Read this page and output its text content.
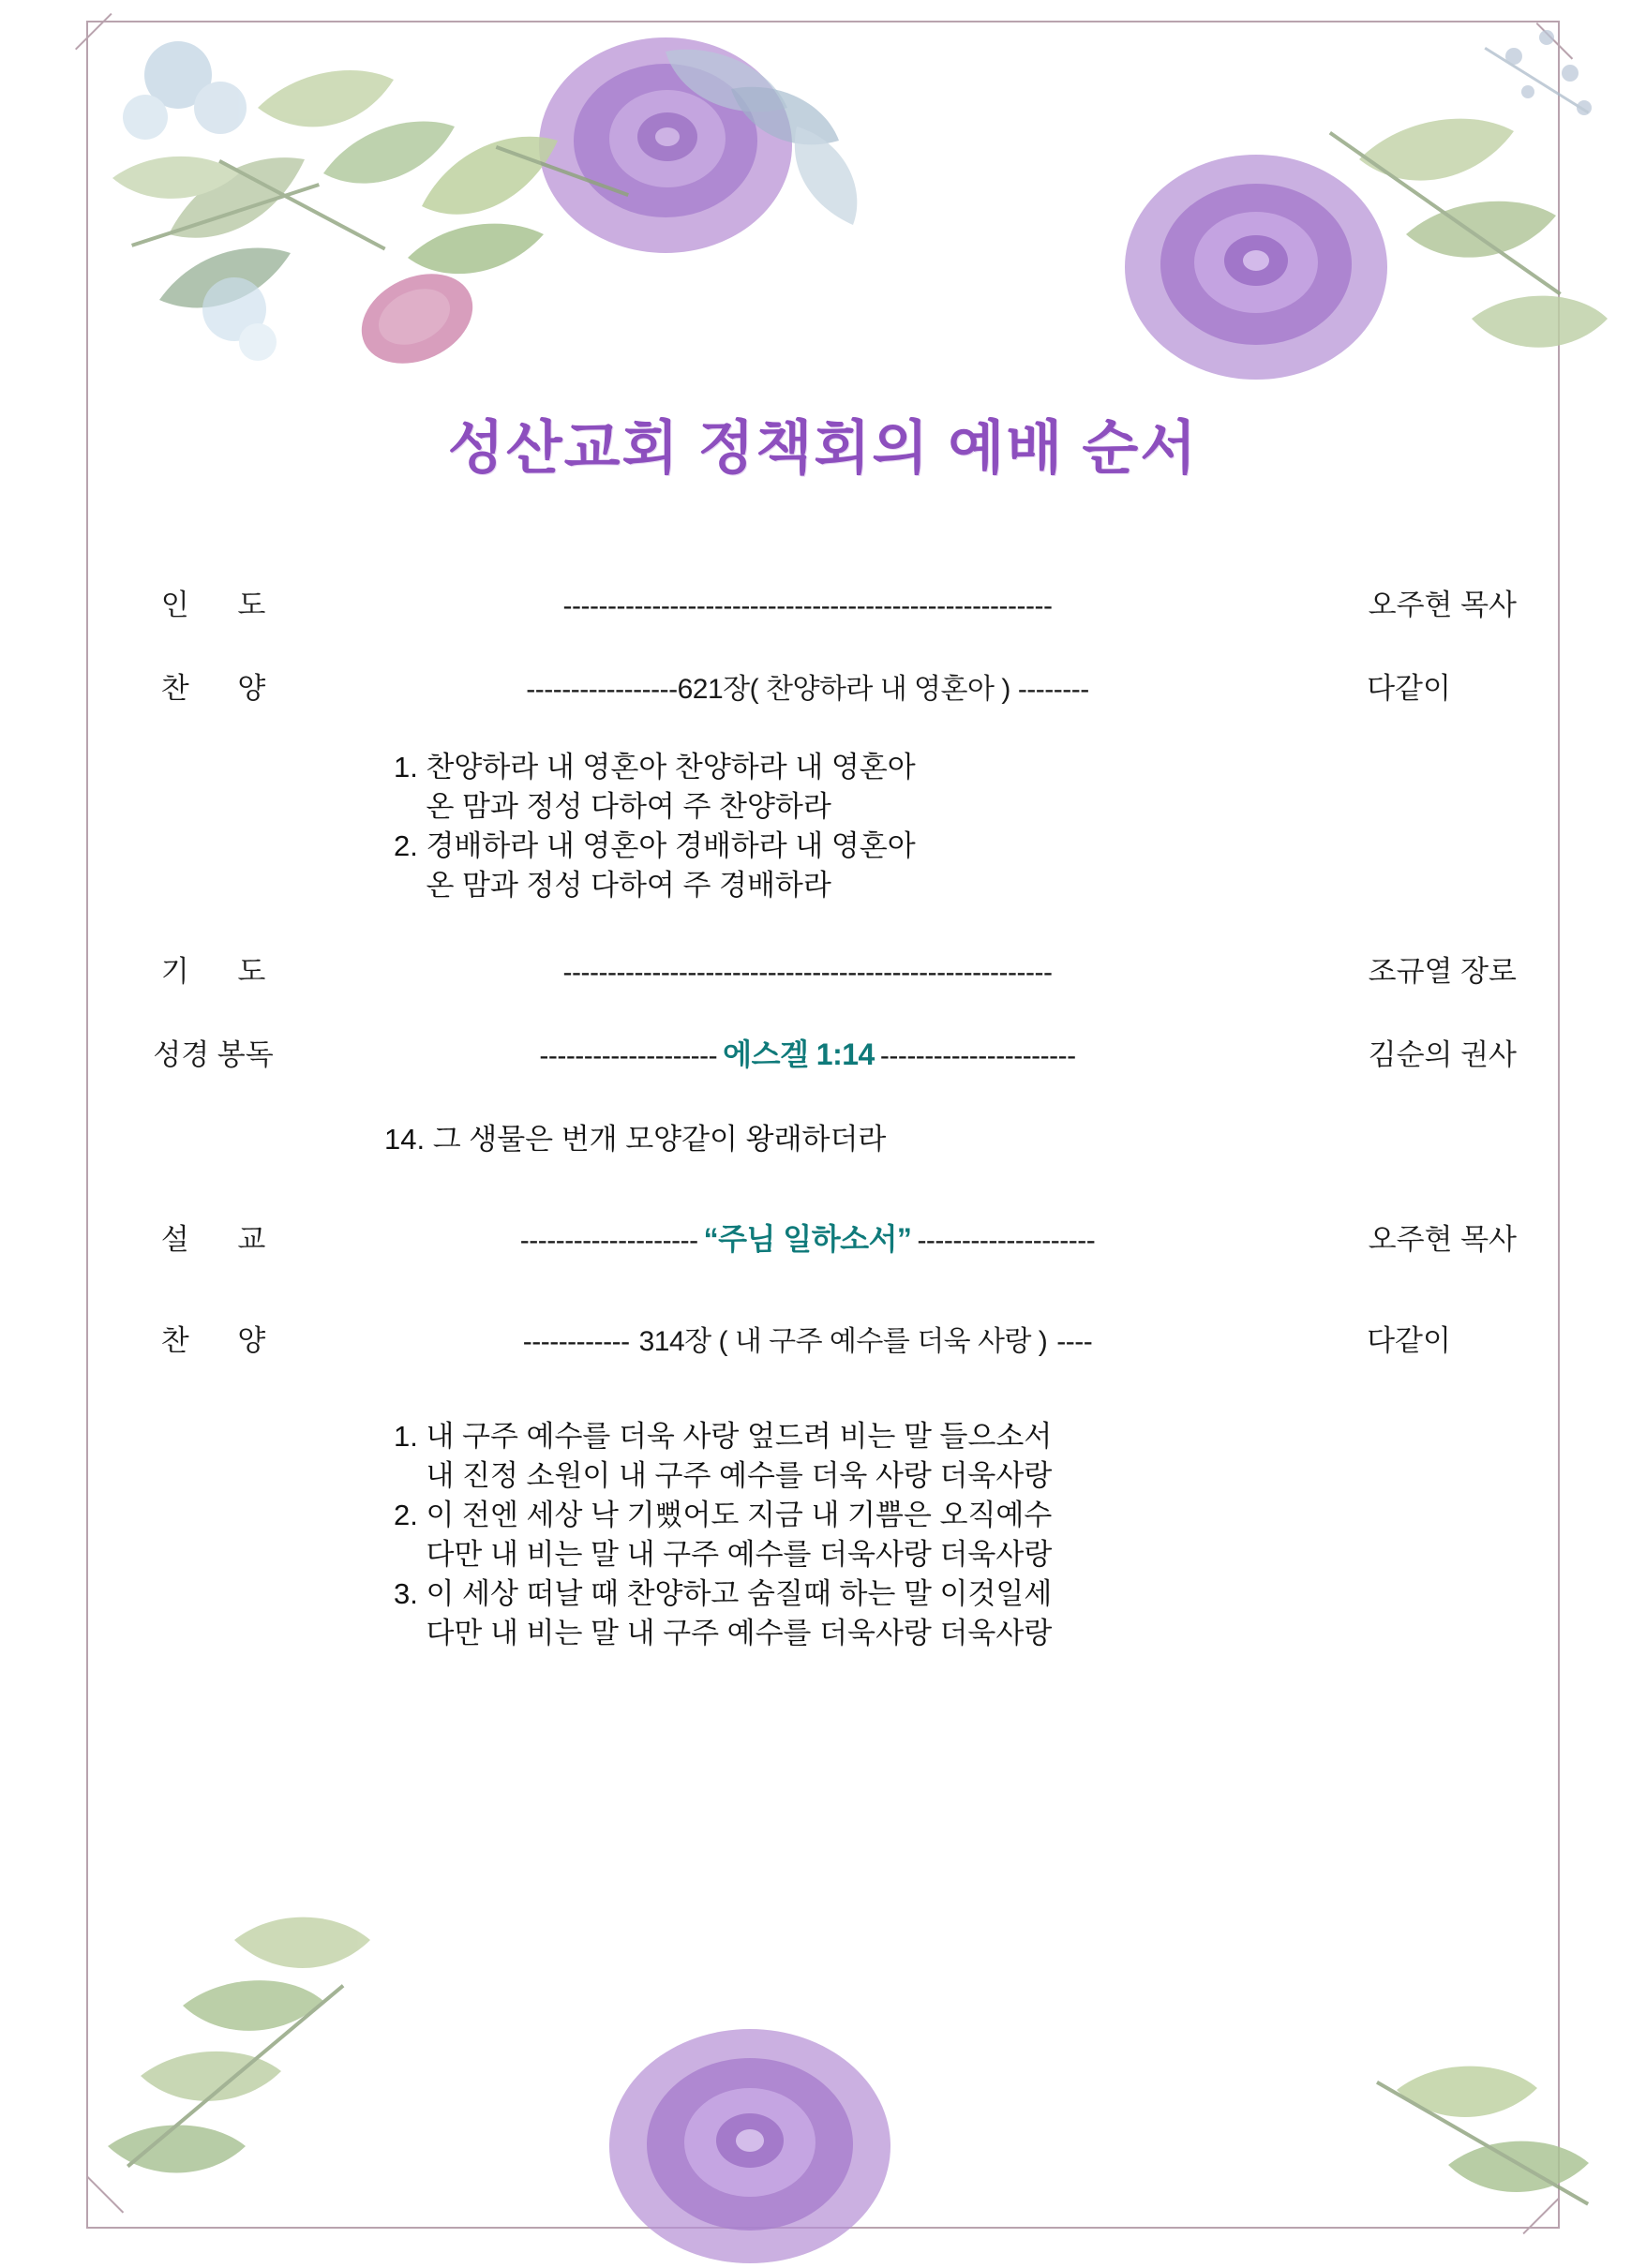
성산교회 정책회의 예배 순서
인      도	-------------------------------------------------------	오주현 목사
찬      양	-----------------621장( 찬양하라 내 영혼아 ) --------	다같이
1. 찬양하라 내 영혼아 찬양하라 내 영혼아
온 맘과 정성 다하여 주 찬양하라
2. 경배하라 내 영혼아 경배하라 내 영혼아
온 맘과 정성 다하여 주 경배하라
기      도	-------------------------------------------------------	조규열 장로
성경 봉독	-------------------- 에스겔 1:14 ----------------------	김순의 권사
14. 그 생물은 번개 모양같이 왕래하더라
설      교	-------------------- “주님 일하소서” --------------------	오주현 목사
찬      양	------------ 314장 ( 내 구주 예수를 더욱 사랑 ) ----	다같이
1. 내 구주 예수를 더욱 사랑 엎드려 비는 말 들으소서
내 진정 소원이 내 구주 예수를 더욱 사랑 더욱사랑
2. 이 전엔 세상 낙 기뻤어도 지금 내 기쁨은 오직예수
다만 내 비는 말 내 구주 예수를 더욱사랑 더욱사랑
3. 이 세상 떠날 때 찬양하고 숨질때 하는 말 이것일세
다만 내 비는 말 내 구주 예수를 더욱사랑 더욱사랑
